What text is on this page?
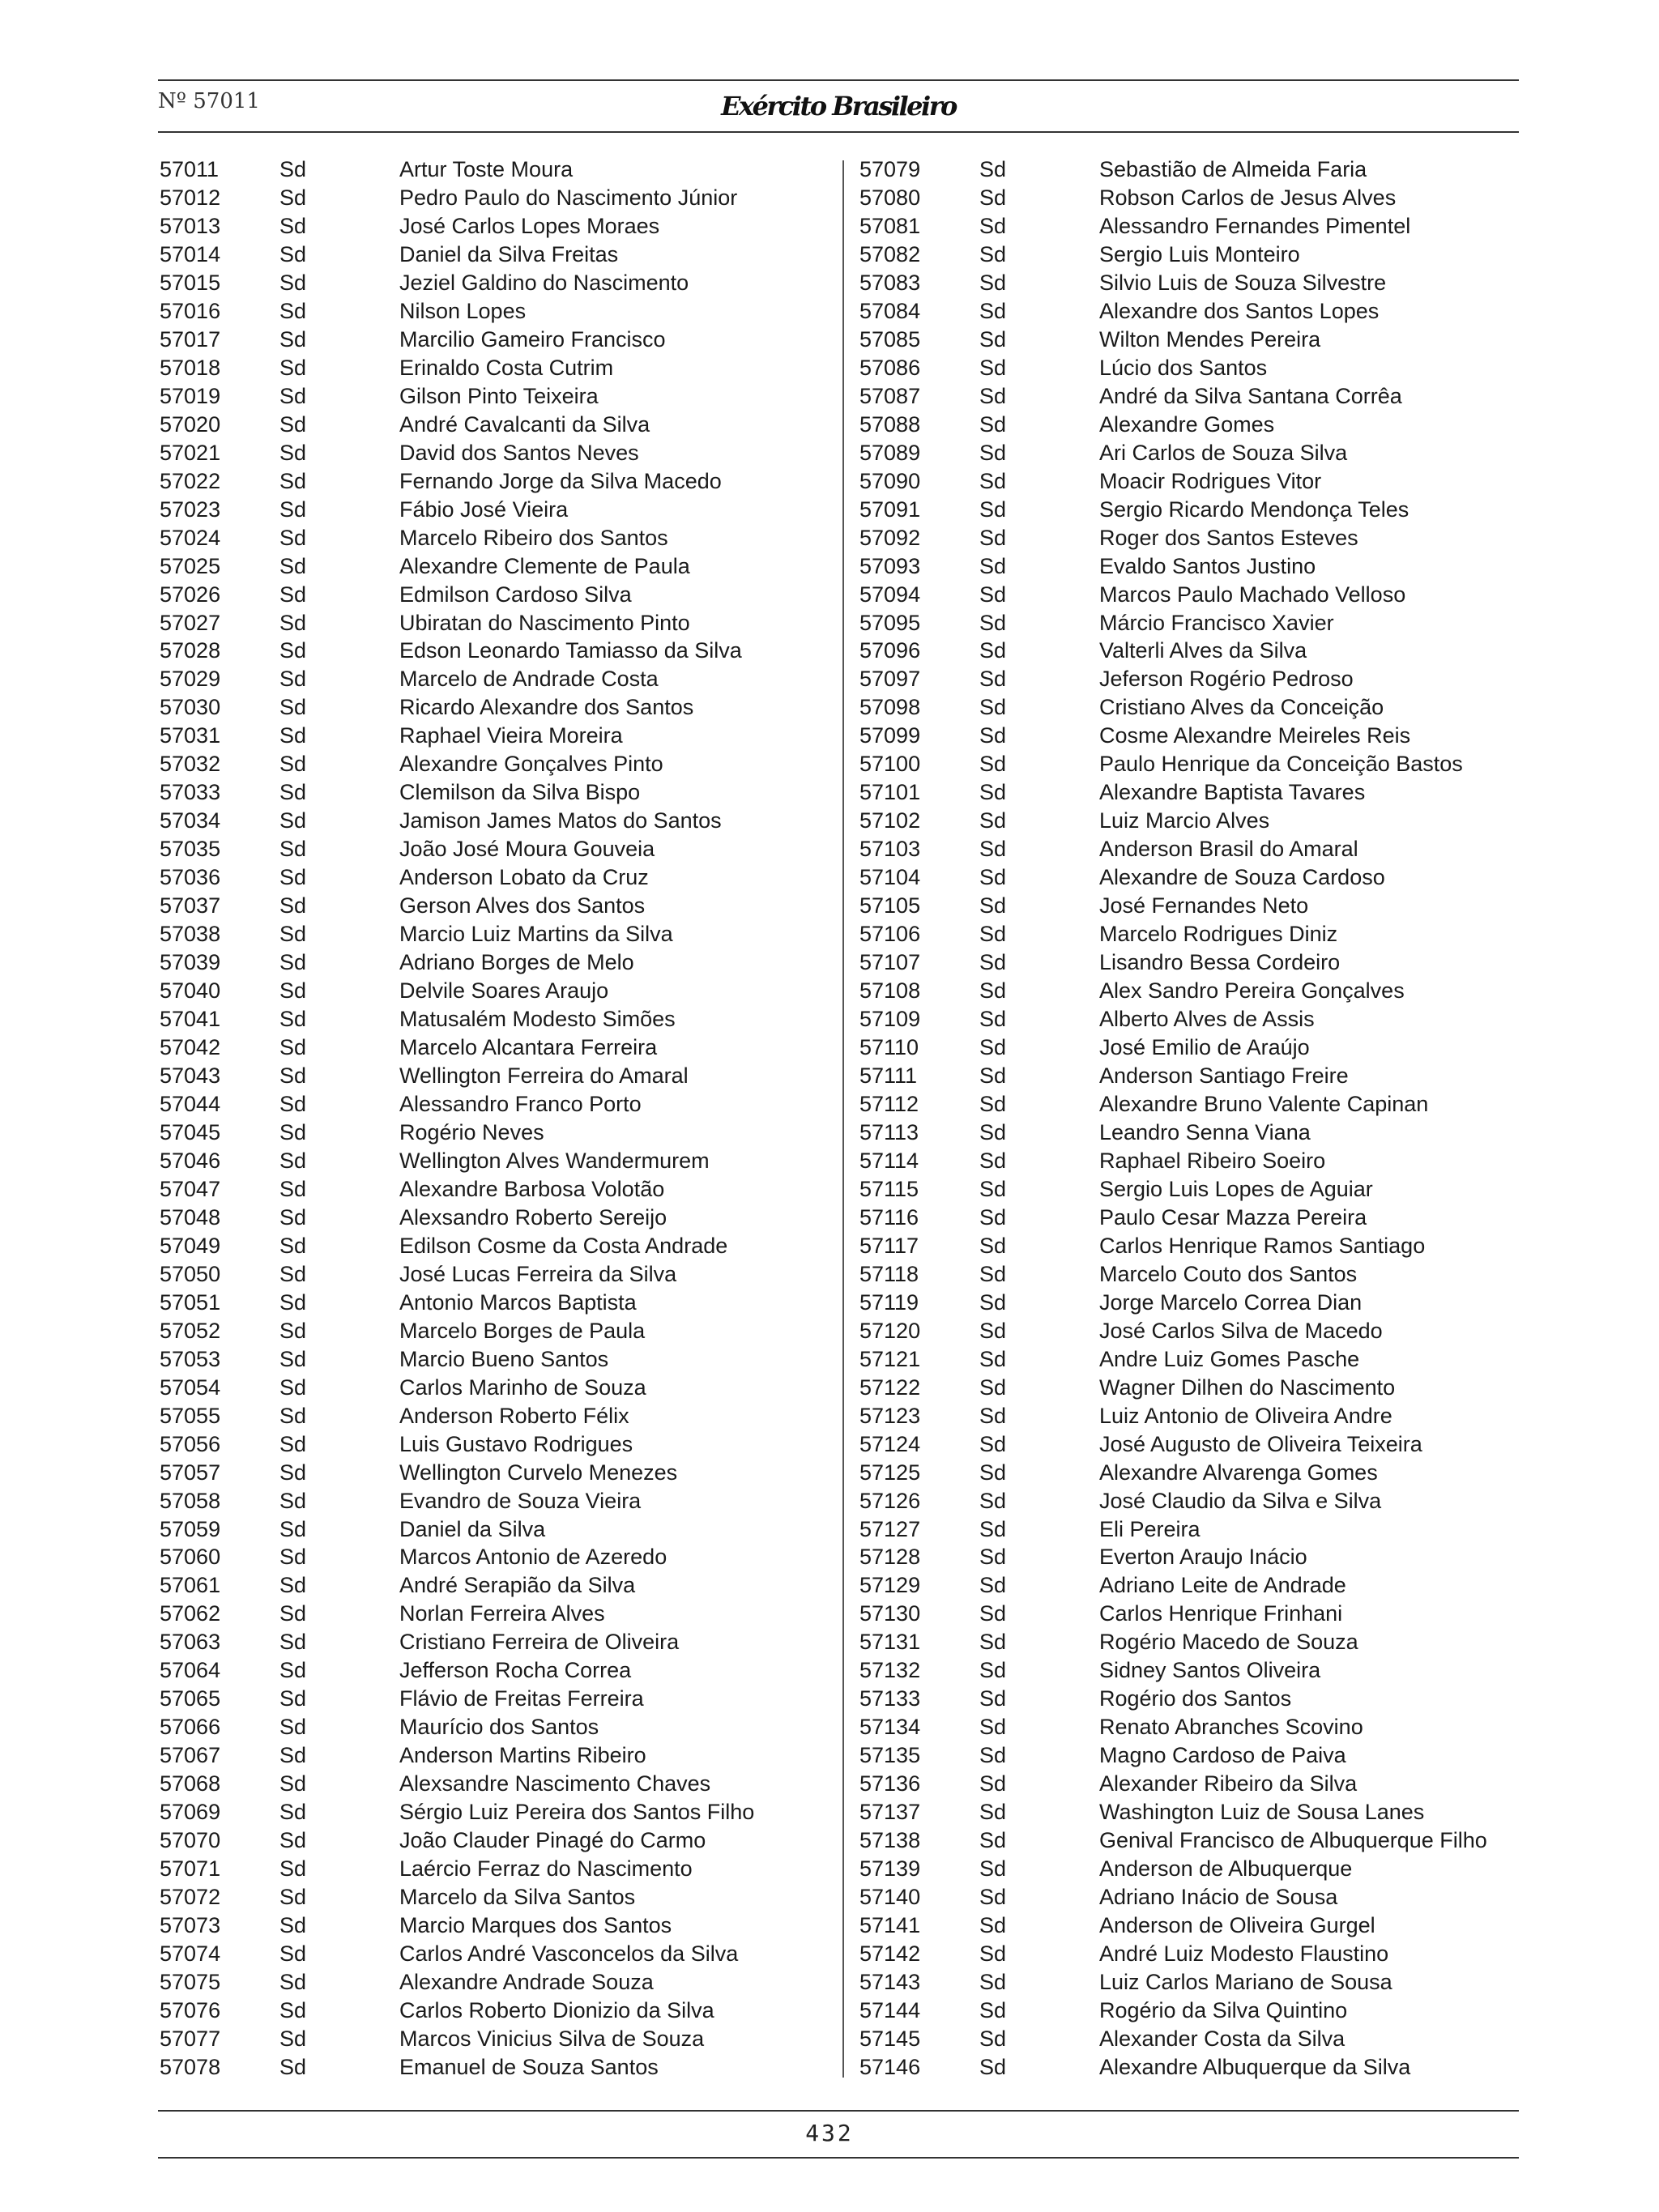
Nº 57011	Exército Brasileiro
57011	Sd	Artur Toste Moura
57012	Sd	Pedro Paulo do Nascimento Júnior
57013	Sd	José Carlos Lopes Moraes
57014	Sd	Daniel da Silva Freitas
57015	Sd	Jeziel Galdino do Nascimento
57016	Sd	Nilson Lopes
57017	Sd	Marcilio Gameiro Francisco
57018	Sd	Erinaldo Costa Cutrim
57019	Sd	Gilson Pinto Teixeira
57020	Sd	André Cavalcanti da Silva
57021	Sd	David dos Santos Neves
57022	Sd	Fernando Jorge da Silva Macedo
57023	Sd	Fábio José Vieira
57024	Sd	Marcelo Ribeiro dos Santos
57025	Sd	Alexandre Clemente de Paula
57026	Sd	Edmilson Cardoso Silva
57027	Sd	Ubiratan do Nascimento Pinto
57028	Sd	Edson Leonardo Tamiasso da Silva
57029	Sd	Marcelo de Andrade Costa
57030	Sd	Ricardo Alexandre dos Santos
57031	Sd	Raphael Vieira Moreira
57032	Sd	Alexandre Gonçalves Pinto
57033	Sd	Clemilson da Silva Bispo
57034	Sd	Jamison James Matos do Santos
57035	Sd	João José Moura Gouveia
57036	Sd	Anderson Lobato da Cruz
57037	Sd	Gerson Alves dos Santos
57038	Sd	Marcio Luiz Martins da Silva
57039	Sd	Adriano Borges de Melo
57040	Sd	Delvile Soares Araujo
57041	Sd	Matusalém Modesto Simões
57042	Sd	Marcelo Alcantara Ferreira
57043	Sd	Wellington Ferreira do Amaral
57044	Sd	Alessandro Franco Porto
57045	Sd	Rogério Neves
57046	Sd	Wellington Alves Wandermurem
57047	Sd	Alexandre Barbosa Volotão
57048	Sd	Alexsandro Roberto Sereijo
57049	Sd	Edilson Cosme da Costa Andrade
57050	Sd	José Lucas Ferreira da Silva
57051	Sd	Antonio Marcos Baptista
57052	Sd	Marcelo Borges de Paula
57053	Sd	Marcio Bueno Santos
57054	Sd	Carlos Marinho de Souza
57055	Sd	Anderson Roberto Félix
57056	Sd	Luis Gustavo Rodrigues
57057	Sd	Wellington Curvelo Menezes
57058	Sd	Evandro de Souza Vieira
57059	Sd	Daniel da Silva
57060	Sd	Marcos Antonio de Azeredo
57061	Sd	André Serapião da Silva
57062	Sd	Norlan Ferreira Alves
57063	Sd	Cristiano Ferreira de Oliveira
57064	Sd	Jefferson Rocha Correa
57065	Sd	Flávio de Freitas Ferreira
57066	Sd	Maurício dos Santos
57067	Sd	Anderson Martins Ribeiro
57068	Sd	Alexsandre Nascimento Chaves
57069	Sd	Sérgio Luiz Pereira dos Santos Filho
57070	Sd	João Clauder Pinagé do Carmo
57071	Sd	Laércio Ferraz do Nascimento
57072	Sd	Marcelo da Silva Santos
57073	Sd	Marcio Marques dos Santos
57074	Sd	Carlos André Vasconcelos da Silva
57075	Sd	Alexandre Andrade Souza
57076	Sd	Carlos Roberto Dionizio da Silva
57077	Sd	Marcos Vinicius Silva de Souza
57078	Sd	Emanuel de Souza Santos
57079	Sd	Sebastião de Almeida Faria
57080	Sd	Robson Carlos de Jesus Alves
57081	Sd	Alessandro Fernandes Pimentel
57082	Sd	Sergio Luis Monteiro
57083	Sd	Silvio Luis de Souza Silvestre
57084	Sd	Alexandre dos Santos Lopes
57085	Sd	Wilton Mendes Pereira
57086	Sd	Lúcio dos Santos
57087	Sd	André da Silva Santana Corrêa
57088	Sd	Alexandre Gomes
57089	Sd	Ari Carlos de Souza Silva
57090	Sd	Moacir Rodrigues Vitor
57091	Sd	Sergio Ricardo Mendonça Teles
57092	Sd	Roger dos Santos Esteves
57093	Sd	Evaldo Santos Justino
57094	Sd	Marcos Paulo Machado Velloso
57095	Sd	Márcio Francisco Xavier
57096	Sd	Valterli Alves da Silva
57097	Sd	Jeferson Rogério Pedroso
57098	Sd	Cristiano Alves da Conceição
57099	Sd	Cosme Alexandre Meireles Reis
57100	Sd	Paulo Henrique da Conceição Bastos
57101	Sd	Alexandre Baptista Tavares
57102	Sd	Luiz Marcio Alves
57103	Sd	Anderson Brasil do Amaral
57104	Sd	Alexandre de Souza Cardoso
57105	Sd	José Fernandes Neto
57106	Sd	Marcelo Rodrigues Diniz
57107	Sd	Lisandro Bessa Cordeiro
57108	Sd	Alex Sandro Pereira Gonçalves
57109	Sd	Alberto Alves de Assis
57110	Sd	José Emilio de Araújo
57111	Sd	Anderson Santiago Freire
57112	Sd	Alexandre Bruno Valente Capinan
57113	Sd	Leandro Senna Viana
57114	Sd	Raphael Ribeiro Soeiro
57115	Sd	Sergio Luis Lopes de Aguiar
57116	Sd	Paulo Cesar Mazza Pereira
57117	Sd	Carlos Henrique Ramos Santiago
57118	Sd	Marcelo Couto dos Santos
57119	Sd	Jorge Marcelo Correa Dian
57120	Sd	José Carlos Silva de Macedo
57121	Sd	Andre Luiz Gomes Pasche
57122	Sd	Wagner Dilhen do Nascimento
57123	Sd	Luiz Antonio de Oliveira Andre
57124	Sd	José Augusto de Oliveira Teixeira
57125	Sd	Alexandre Alvarenga Gomes
57126	Sd	José Claudio da Silva e Silva
57127	Sd	Eli Pereira
57128	Sd	Everton Araujo Inácio
57129	Sd	Adriano Leite de Andrade
57130	Sd	Carlos Henrique Frinhani
57131	Sd	Rogério Macedo de Souza
57132	Sd	Sidney Santos Oliveira
57133	Sd	Rogério dos Santos
57134	Sd	Renato Abranches Scovino
57135	Sd	Magno Cardoso de Paiva
57136	Sd	Alexander Ribeiro da Silva
57137	Sd	Washington Luiz de Sousa Lanes
57138	Sd	Genival Francisco de Albuquerque Filho
57139	Sd	Anderson de Albuquerque
57140	Sd	Adriano Inácio de Sousa
57141	Sd	Anderson de Oliveira Gurgel
57142	Sd	André Luiz Modesto Flaustino
57143	Sd	Luiz Carlos Mariano de Sousa
57144	Sd	Rogério da Silva Quintino
57145	Sd	Alexander Costa da Silva
57146	Sd	Alexandre Albuquerque da Silva
432
